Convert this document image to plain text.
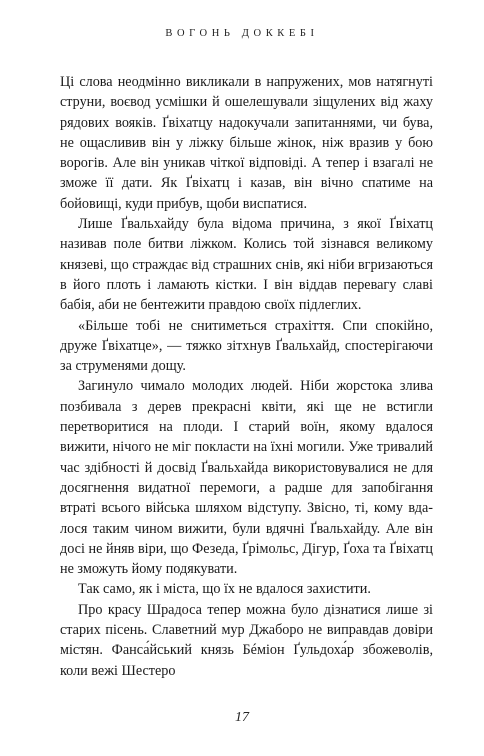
ВОГОНЬ ДОККЕБІ

Ці слова неодмінно викликали в напружених, мов натягнуті струни, воєвод усмішки й ошелешували зіщулених від жаху рядових вояків. Ґвіхатцу надокучали запитаннями, чи бува, не ощасливив він у ліжку більше жінок, ніж вразив у бою ворогів. Але він уникав чіткої відповіді. А тепер і взагалі не зможе її дати. Як Ґвіхатц і казав, він вічно спатиме на бойовищі, куди прибув, щоби виспатися.

Лише Ґвальхайду була відома причина, з якої Ґвіхатц називав поле битви ліжком. Колись той зізнався великому князеві, що страждає від страшних снів, які ніби вгризаються в його плоть і ламають кістки. І він віддав перевагу славі бабія, аби не бентежити правдою своїх підлеглих.

«Більше тобі не снитиметься страхіття. Спи спокійно, друже Ґвіхатце», — тяжко зітхнув Ґвальхайд, спостерігаючи за струменями дощу.

Загинуло чимало молодих людей. Ніби жорстока злива позбивала з дерев прекрасні квіти, які ще не встигли перетворитися на плоди. І старий воїн, якому вдалося вижити, нічого не міг покласти на їхні могили. Уже тривалий час здібності й досвід Ґвальхайда використовувалися не для досягнення видатної перемоги, а радше для запобігання втраті всього війська шляхом відступу. Звісно, ті, кому вдалося таким чином вижити, були вдячні Ґвальхайду. Але він досі не йняв віри, що Фезеда, Ґрімольс, Дігур, Ґоха та Ґвіхатц не зможуть йому подякувати.

Так само, як і міста, що їх не вдалося захистити.

Про красу Шрадоса тепер можна було дізнатися лише зі старих пісень. Славетний мур Джаборо не виправдав довіри містян. Фанса́йський князь Бéміон Ґульдоха́р збожеволів, коли вежі Шестеро

17
